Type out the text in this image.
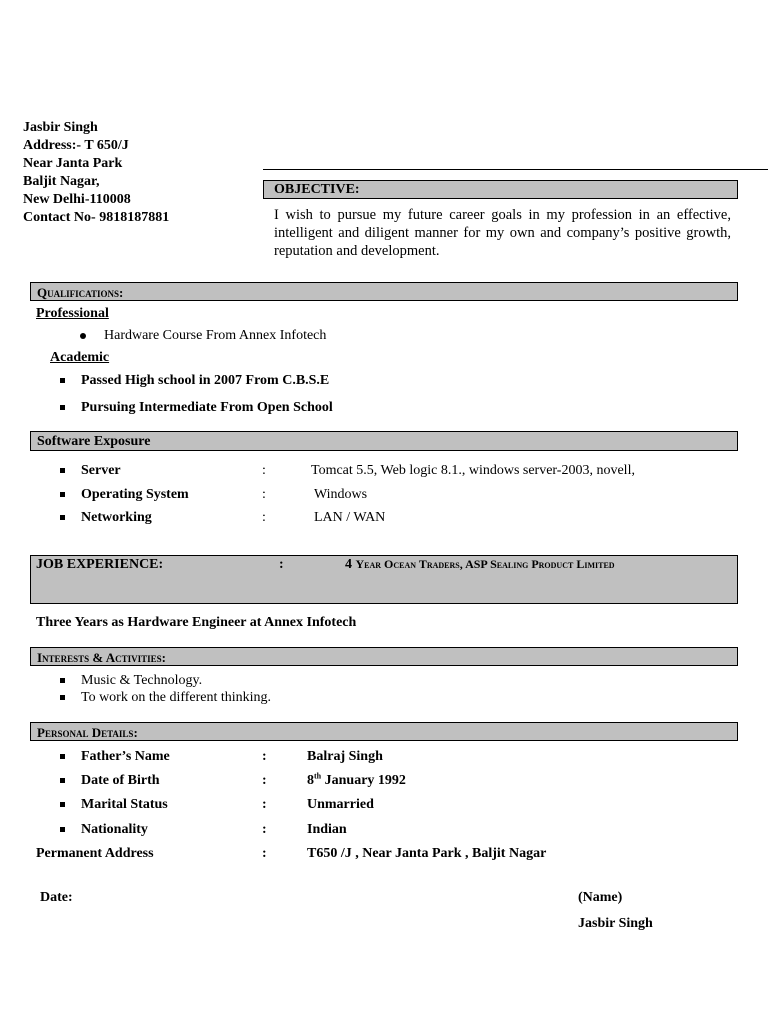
Jasbir Singh
Address:- T 650/J
Near Janta Park
Baljit Nagar,
New Delhi-110008
Contact No- 9818187881
OBJECTIVE:
I wish to pursue my future career goals in my profession in an effective, intelligent and diligent manner for my own and company’s positive growth, reputation and development.
Qualifications:
Professional
Hardware Course From Annex Infotech
Academic
Passed High school in 2007 From C.B.S.E
Pursuing Intermediate From Open School
Software Exposure
Server	:	Tomcat 5.5, Web logic 8.1., windows server-2003, novell,
Operating System	:	Windows
Networking	:	LAN / WAN
JOB EXPERIENCE:	:	4 Year Ocean Traders, ASP Sealing Product Limited
Three Years as Hardware Engineer at Annex Infotech
Interests & Activities:
Music & Technology.
To work on the different thinking.
Personal Details:
Father’s Name	:	Balraj Singh
Date of Birth	:	8th January 1992
Marital Status	:	Unmarried
Nationality	:	Indian
Permanent Address	:	T650 /J , Near Janta Park , Baljit Nagar
Date:	(Name)
Jasbir Singh
